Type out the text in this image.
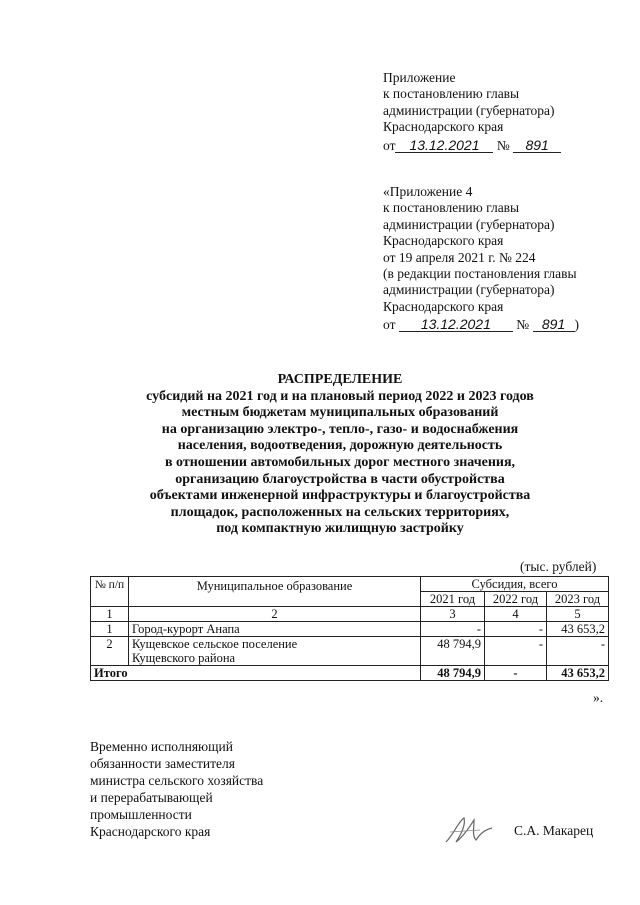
Приложение
к постановлению главы
администрации (губернатора)
Краснодарского края
от 13.12.2021 № 891
«Приложение 4
к постановлению главы
администрации (губернатора)
Краснодарского края
от 19 апреля 2021 г. № 224
(в редакции постановления главы
администрации (губернатора)
Краснодарского края
от 13.12.2021 № 891 )
РАСПРЕДЕЛЕНИЕ
субсидий на 2021 год и на плановый период 2022 и 2023 годов
местным бюджетам муниципальных образований
на организацию электро-, тепло-, газо- и водоснабжения
населения, водоотведения, дорожную деятельность
в отношении автомобильных дорог местного значения,
организацию благоустройства в части обустройства
объектами инженерной инфраструктуры и благоустройства
площадок, расположенных на сельских территориях,
под компактную жилищную застройку
(тыс. рублей)
№ п/п	Муниципальное образование	Субсидия, всего		
		2021 год	2022 год	2023 год
1	2	3	4	5
1	Город-курорт Анапа	-	-	43 653,2
2	Кущевское сельское поселение Кущевского района	48 794,9	-	-
Итого		48 794,9	-	43 653,2
».
Временно исполняющий
обязанности заместителя
министра сельского хозяйства
и перерабатывающей
промышленности
Краснодарского края	С.А. Макарец
